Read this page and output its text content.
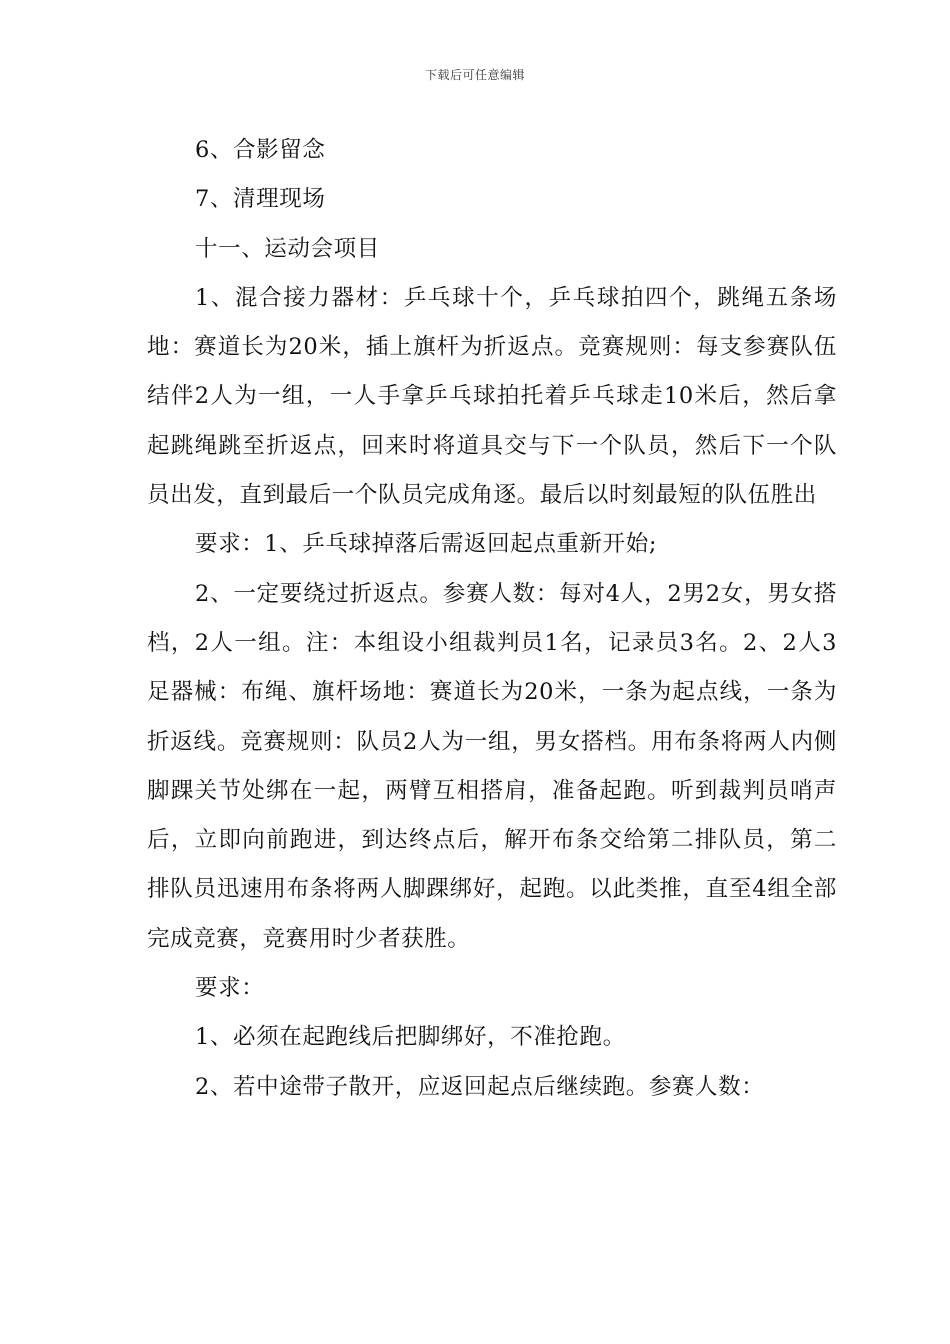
下载后可任意编辑

6、合影留念

7、清理现场

十一、运动会项目

1、混合接力器材：乒乓球十个，乒乓球拍四个，跳绳五条场地：赛道长为20米，插上旗杆为折返点。竞赛规则：每支参赛队伍结伴2人为一组，一人手拿乒乓球拍托着乒乓球走10米后，然后拿起跳绳跳至折返点，回来时将道具交与下一个队员，然后下一个队员出发，直到最后一个队员完成角逐。最后以时刻最短的队伍胜出

要求：1、乒乓球掉落后需返回起点重新开始;

2、一定要绕过折返点。参赛人数：每对4人，2男2女，男女搭档，2人一组。注：本组设小组裁判员1名，记录员3名。2、2人3足器械：布绳、旗杆场地：赛道长为20米，一条为起点线，一条为折返线。竞赛规则：队员2人为一组，男女搭档。用布条将两人内侧脚踝关节处绑在一起，两臂互相搭肩，准备起跑。听到裁判员哨声后，立即向前跑进，到达终点后，解开布条交给第二排队员，第二排队员迅速用布条将两人脚踝绑好，起跑。以此类推，直至4组全部完成竞赛，竞赛用时少者获胜。

要求：

1、必须在起跑线后把脚绑好，不准抢跑。

2、若中途带子散开，应返回起点后继续跑。参赛人数：
